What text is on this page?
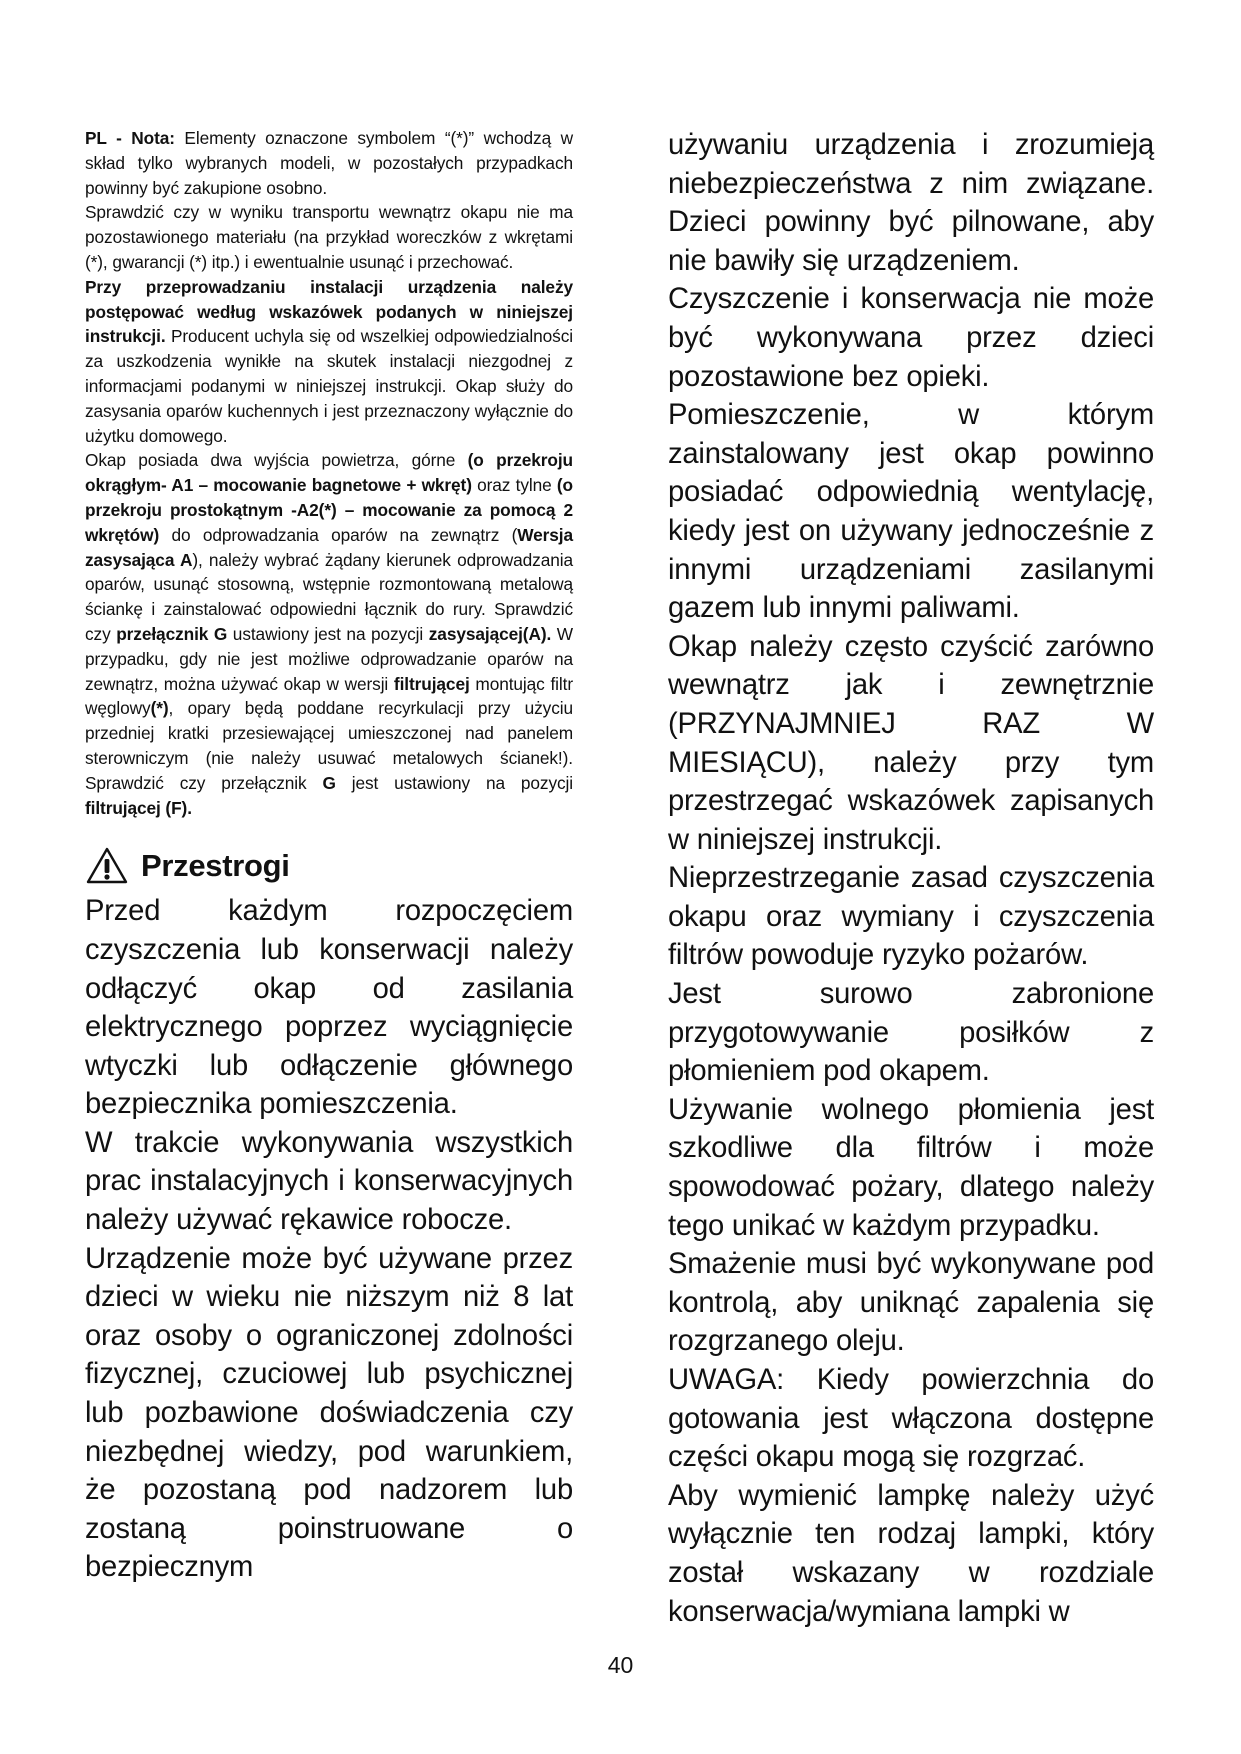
PL - Nota: Elementy oznaczone symbolem “(*)” wchodzą w skład tylko wybranych modeli, w pozostałych przypadkach powinny być zakupione osobno.

Sprawdzić czy w wyniku transportu wewnątrz okapu nie ma pozostawionego materiału (na przykład woreczków z wkrętami (*), gwarancji (*) itp.) i ewentualnie usunąć i przechować.

Przy przeprowadzaniu instalacji urządzenia należy postępować według wskazówek podanych w niniejszej instrukcji. Producent uchyla się od wszelkiej odpowiedzialności za uszkodzenia wynikłe na skutek instalacji niezgodnej z informacjami podanymi w niniejszej instrukcji. Okap służy do zasysania oparów kuchennych i jest przeznaczony wyłącznie do użytku domowego.

Okap posiada dwa wyjścia powietrza, górne (o przekroju okrągłym- A1 – mocowanie bagnetowe + wkręt) oraz tylne (o przekroju prostokątnym -A2(*) – mocowanie za pomocą 2 wkrętów) do odprowadzania oparów na zewnątrz (Wersja zasysająca A), należy wybrać żądany kierunek odprowadzania oparów, usunąć stosowną, wstępnie rozmontowaną metalową ściankę i zainstalować odpowiedni łącznik do rury. Sprawdzić czy przełącznik G ustawiony jest na pozycji zasysającej(A). W przypadku, gdy nie jest możliwe odprowadzanie oparów na zewnątrz, można używać okap w wersji filtrującej montując filtr węglowy(*), opary będą poddane recyrkulacji przy użyciu przedniej kratki przesiewającej umieszczonej nad panelem sterowniczym (nie należy usuwać metalowych ścianek!). Sprawdzić czy przełącznik G jest ustawiony na pozycji filtrującej (F).

Przestrogi

Przed każdym rozpoczęciem czyszczenia lub konserwacji należy odłączyć okap od zasilania elektrycznego poprzez wyciągnięcie wtyczki lub odłączenie głównego bezpiecznika pomieszczenia.

W trakcie wykonywania wszystkich prac instalacyjnych i konserwacyjnych należy używać rękawice robocze.

Urządzenie może być używane przez dzieci w wieku nie niższym niż 8 lat oraz osoby o ograniczonej zdolności fizycznej, czuciowej lub psychicznej lub pozbawione doświadczenia czy niezbędnej wiedzy, pod warunkiem, że pozostaną pod nadzorem lub zostaną poinstruowane o bezpiecznym

używaniu urządzenia i zrozumieją niebezpieczeństwa z nim związane. Dzieci powinny być pilnowane, aby nie bawiły się urządzeniem.

Czyszczenie i konserwacja nie może być wykonywana przez dzieci pozostawione bez opieki.

Pomieszczenie, w którym zainstalowany jest okap powinno posiadać odpowiednią wentylację, kiedy jest on używany jednocześnie z innymi urządzeniami zasilanymi gazem lub innymi paliwami.

Okap należy często czyścić zarówno wewnątrz jak i zewnętrznie (PRZYNAJMNIEJ RAZ W MIESIĄCU), należy przy tym przestrzegać wskazówek zapisanych w niniejszej instrukcji.

Nieprzestrzeganie zasad czyszczenia okapu oraz wymiany i czyszczenia filtrów powoduje ryzyko pożarów.

Jest surowo zabronione przygotowywanie posiłków z płomieniem pod okapem.

Używanie wolnego płomienia jest szkodliwe dla filtrów i może spowodować pożary, dlatego należy tego unikać w każdym przypadku.

Smażenie musi być wykonywane pod kontrolą, aby uniknąć zapalenia się rozgrzanego oleju.

UWAGA: Kiedy powierzchnia do gotowania jest włączona dostępne części okapu mogą się rozgrzać.

Aby wymienić lampkę należy użyć wyłącznie ten rodzaj lampki, który został wskazany w rozdziale konserwacja/wymiana lampki w

40
